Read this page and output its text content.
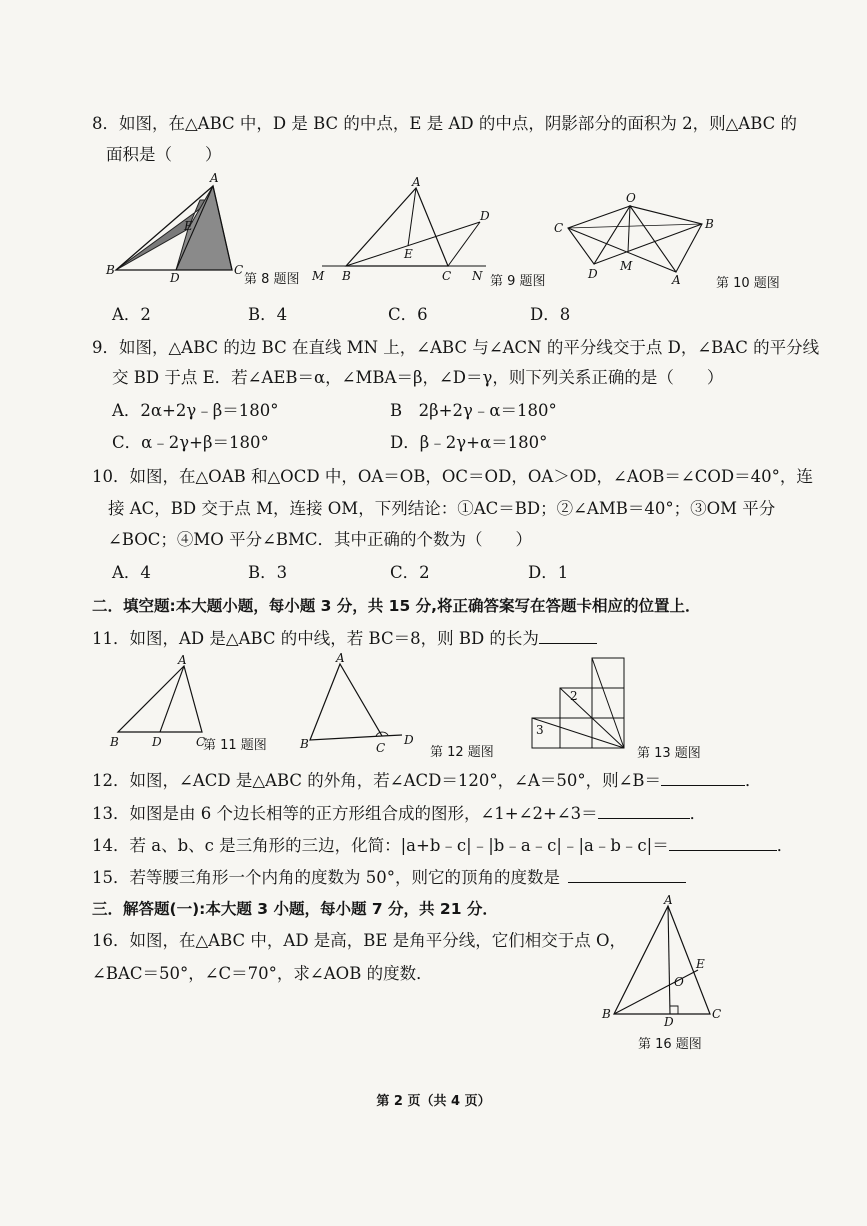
8．如图，在△ABC 中，D 是 BC 的中点，E 是 AD 的中点，阴影部分的面积为 2，则△ABC 的
面积是（　　）
A
E
B
D
C
第 8 题图
A
D
E
M B	C N 第 9 题图
O
C	B
D
M
A	第 10 题图
A．2	B．4	C．6	D．8
9．如图，△ABC 的边 BC 在直线 MN 上，∠ABC 与∠ACN 的平分线交于点 D，∠BAC 的平分线
交 BD 于点 E．若∠AEB＝α，∠MBA＝β，∠D＝γ，则下列关系正确的是（　　）
A．2α+2γ﹣β＝180°	B　2β+2γ﹣α＝180°
C．α﹣2γ+β＝180°	D．β﹣2γ+α＝180°
10．如图，在△OAB 和△OCD 中，OA＝OB，OC＝OD，OA＞OD，∠AOB＝∠COD＝40°，连
接 AC，BD 交于点 M，连接 OM，下列结论：①AC＝BD；②∠AMB＝40°；③OM 平分
∠BOC；④MO 平分∠BMC．其中正确的个数为（　　）
A．4	B．3	C．2	D．1
二．填空题:本大题小题，每小题 3 分，共 15 分,将正确答案写在答题卡相应的位置上．
11．如图，AD 是△ABC 的中线，若 BC＝8，则 BD 的长为
A
B	D	C
第 11 题图
A
B	C
D
第 12 题图
2
3
第 13 题图
12．如图，∠ACD 是△ABC 的外角，若∠ACD＝120°，∠A＝50°，则∠B＝	．
13．如图是由 6 个边长相等的正方形组合成的图形，∠1+∠2+∠3＝	．
14．若 a、b、c 是三角形的三边，化简：|a+b﹣c|﹣|b﹣a﹣c|﹣|a﹣b﹣c|＝	．
15．若等腰三角形一个内角的度数为 50°，则它的顶角的度数是
三．解答题(一):本大题 3 小题，每小题 7 分，共 21 分．
16．如图，在△ABC 中，AD 是高，BE 是角平分线，它们相交于点 O，
∠BAC＝50°，∠C＝70°，求∠AOB 的度数．
A
E
O
B
D
C
第 16 题图
第 2 页（共 4 页）
